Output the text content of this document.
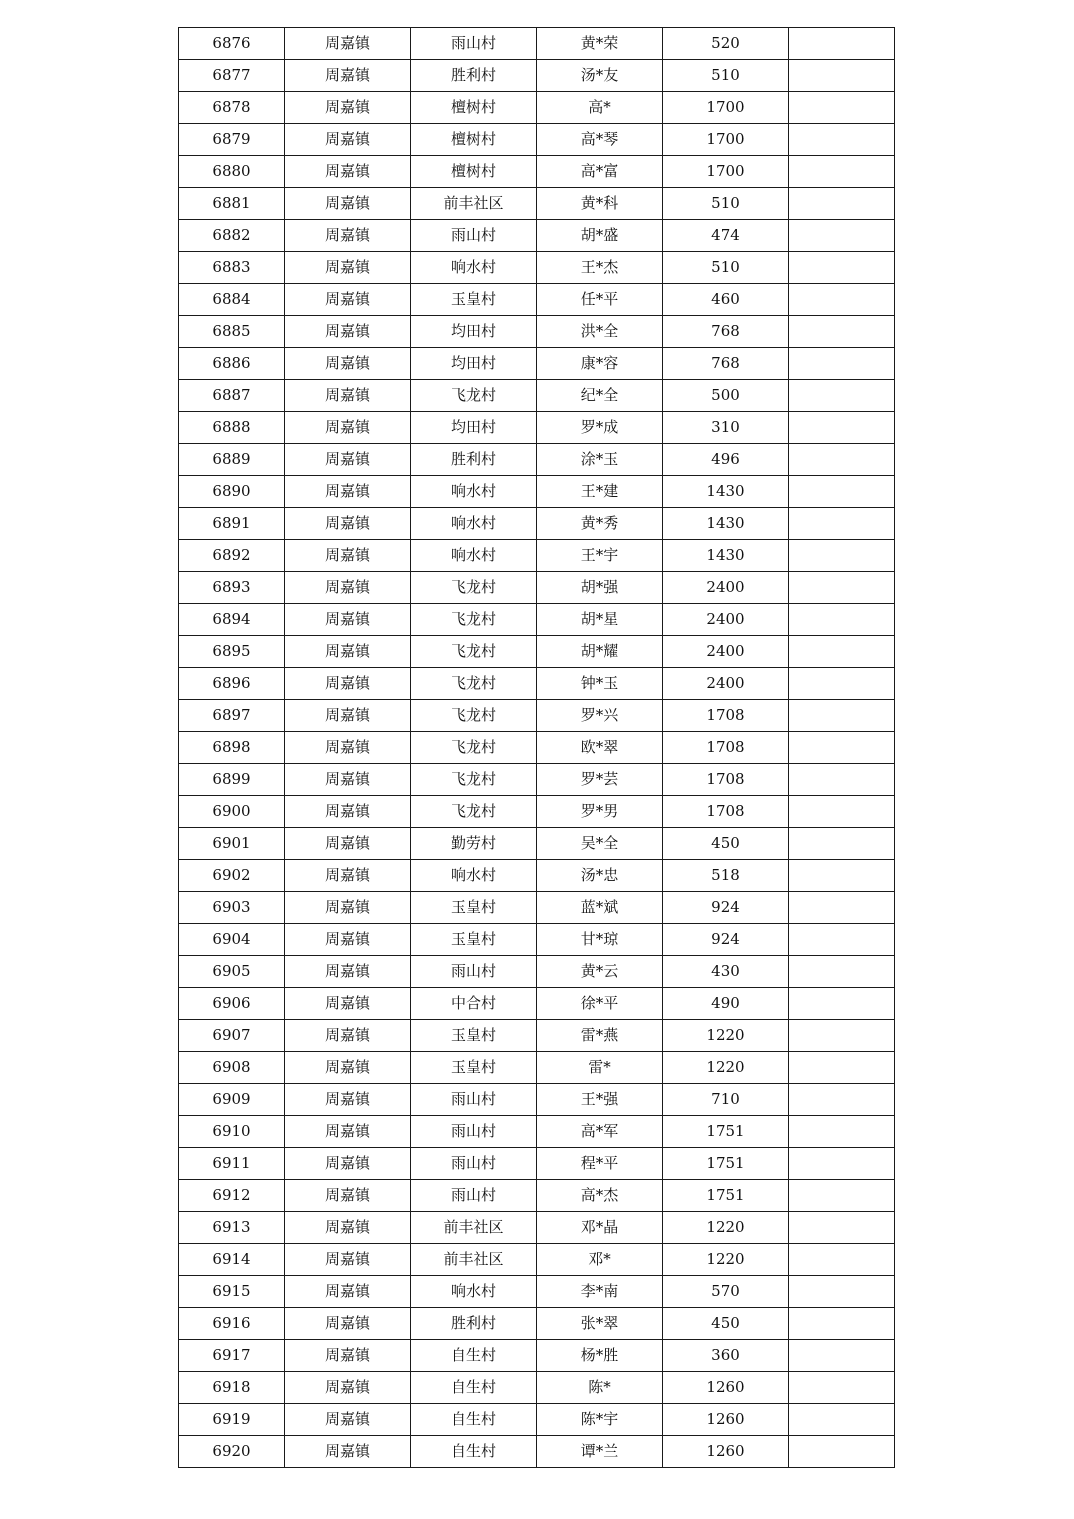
6876	周嘉镇	雨山村	黄*荣	520	
6877	周嘉镇	胜利村	汤*友	510	
6878	周嘉镇	檀树村	高*	1700	
6879	周嘉镇	檀树村	高*琴	1700	
6880	周嘉镇	檀树村	高*富	1700	
6881	周嘉镇	前丰社区	黄*科	510	
6882	周嘉镇	雨山村	胡*盛	474	
6883	周嘉镇	响水村	王*杰	510	
6884	周嘉镇	玉皇村	任*平	460	
6885	周嘉镇	均田村	洪*全	768	
6886	周嘉镇	均田村	康*容	768	
6887	周嘉镇	飞龙村	纪*全	500	
6888	周嘉镇	均田村	罗*成	310	
6889	周嘉镇	胜利村	涂*玉	496	
6890	周嘉镇	响水村	王*建	1430	
6891	周嘉镇	响水村	黄*秀	1430	
6892	周嘉镇	响水村	王*宇	1430	
6893	周嘉镇	飞龙村	胡*强	2400	
6894	周嘉镇	飞龙村	胡*星	2400	
6895	周嘉镇	飞龙村	胡*耀	2400	
6896	周嘉镇	飞龙村	钟*玉	2400	
6897	周嘉镇	飞龙村	罗*兴	1708	
6898	周嘉镇	飞龙村	欧*翠	1708	
6899	周嘉镇	飞龙村	罗*芸	1708	
6900	周嘉镇	飞龙村	罗*男	1708	
6901	周嘉镇	勤劳村	吴*全	450	
6902	周嘉镇	响水村	汤*忠	518	
6903	周嘉镇	玉皇村	蓝*斌	924	
6904	周嘉镇	玉皇村	甘*琼	924	
6905	周嘉镇	雨山村	黄*云	430	
6906	周嘉镇	中合村	徐*平	490	
6907	周嘉镇	玉皇村	雷*燕	1220	
6908	周嘉镇	玉皇村	雷*	1220	
6909	周嘉镇	雨山村	王*强	710	
6910	周嘉镇	雨山村	高*军	1751	
6911	周嘉镇	雨山村	程*平	1751	
6912	周嘉镇	雨山村	高*杰	1751	
6913	周嘉镇	前丰社区	邓*晶	1220	
6914	周嘉镇	前丰社区	邓*	1220	
6915	周嘉镇	响水村	李*南	570	
6916	周嘉镇	胜利村	张*翠	450	
6917	周嘉镇	自生村	杨*胜	360	
6918	周嘉镇	自生村	陈*	1260	
6919	周嘉镇	自生村	陈*宇	1260	
6920	周嘉镇	自生村	谭*兰	1260	
